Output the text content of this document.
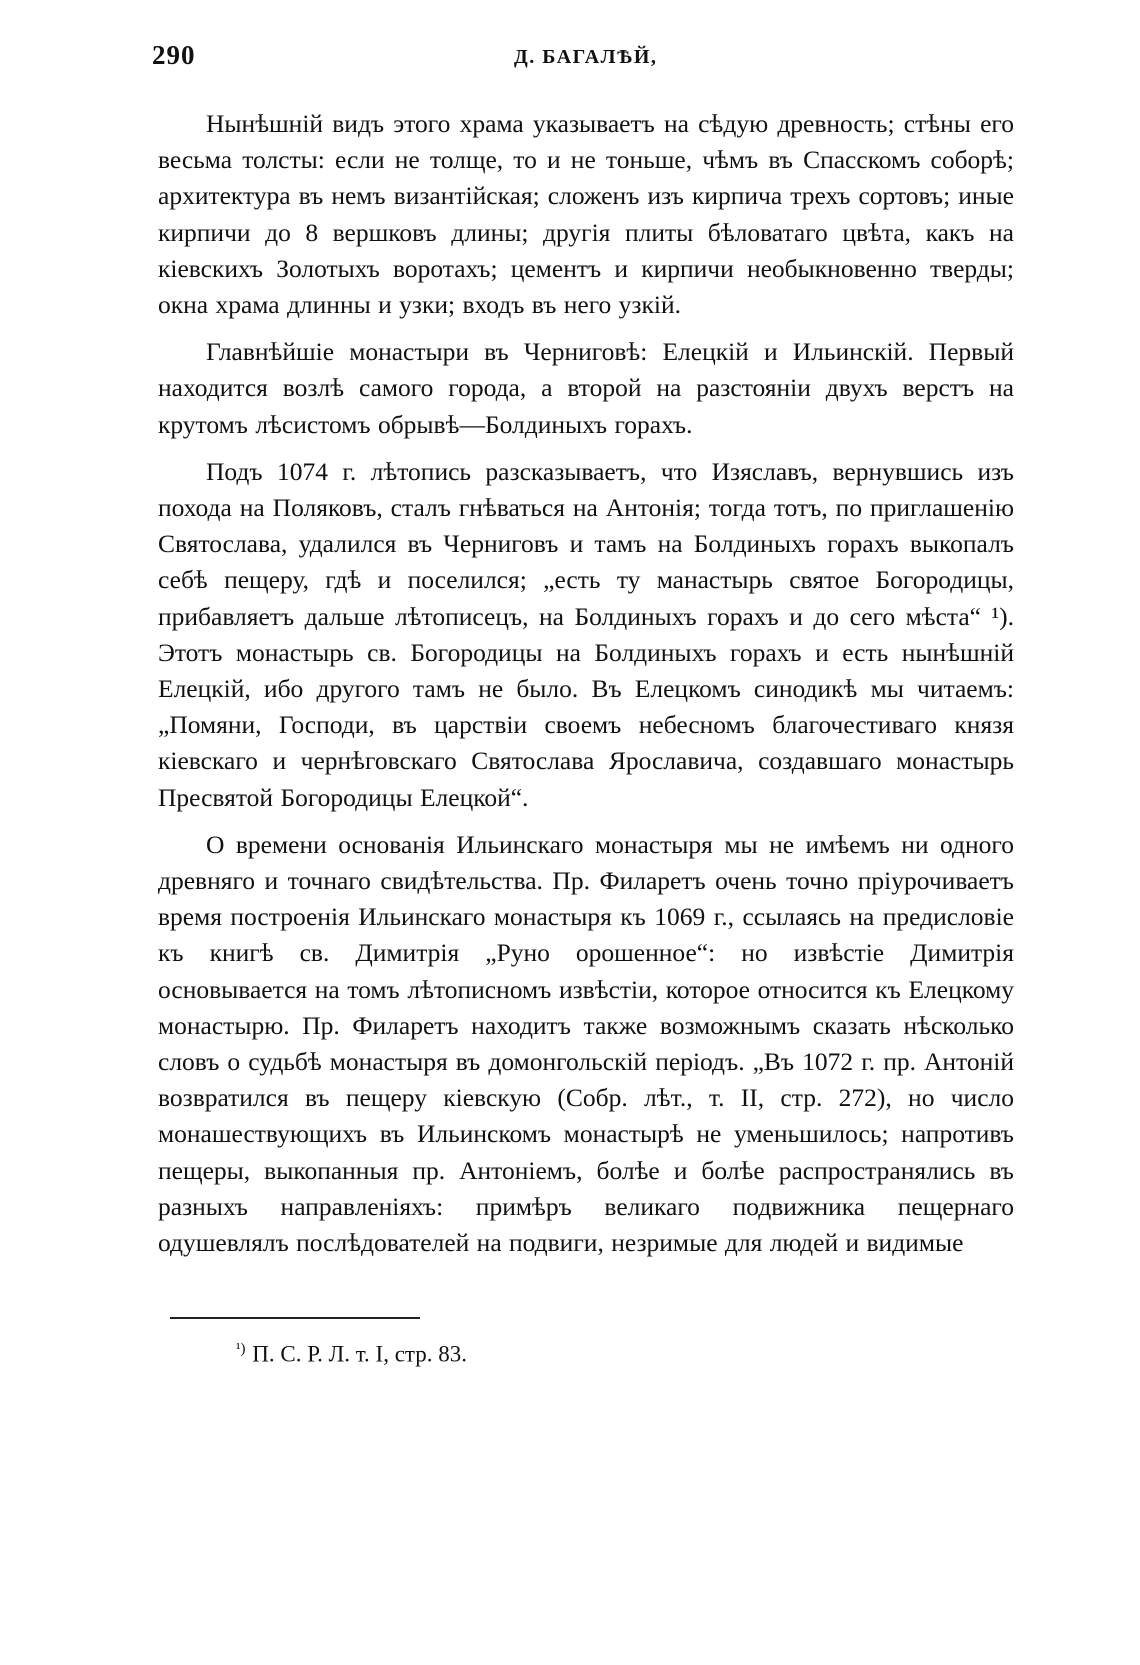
290	Д. БАГАЛѢЙ,

Нынѣшній видъ этого храма указываетъ на сѣдую древность; стѣны его весьма толсты: если не толще, то и не тоньше, чѣмъ въ Спасскомъ соборѣ; архитектура въ немъ византійская; сложенъ изъ кирпича трехъ сортовъ; иные кирпичи до 8 вершковъ длины; другія плиты бѣловатаго цвѣта, какъ на кіевскихъ Золотыхъ воротахъ; цементъ и кирпичи необыкновенно тверды; окна храма длинны и узки; входъ въ него узкій.

Главнѣйшіе монастыри въ Черниговѣ: Елецкій и Ильинскій. Первый находится возлѣ самого города, а второй на разстояніи двухъ верстъ на крутомъ лѣсистомъ обрывѣ—Болдиныхъ горахъ.

Подъ 1074 г. лѣтопись разсказываетъ, что Изяславъ, вернувшись изъ похода на Поляковъ, сталъ гнѣваться на Антонія; тогда тотъ, по приглашенію Святослава, удалился въ Черниговъ и тамъ на Болдиныхъ горахъ выкопалъ себѣ пещеру, гдѣ и поселился; „есть ту манастырь святое Богородицы, прибавляетъ дальше лѣтописецъ, на Болдиныхъ горахъ и до сего мѣста“ ¹). Этотъ монастырь св. Богородицы на Болдиныхъ горахъ и есть нынѣшній Елецкій, ибо другого тамъ не было. Въ Елецкомъ синодикѣ мы читаемъ: „Помяни, Господи, въ царствіи своемъ небесномъ благочестиваго князя кіевскаго и чернѣговскаго Святослава Ярославича, создавшаго монастырь Пресвятой Богородицы Елецкой“.

О времени основанія Ильинскаго монастыря мы не имѣемъ ни одного древняго и точнаго свидѣтельства. Пр. Филаретъ очень точно пріурочиваетъ время построенія Ильинскаго монастыря къ 1069 г., ссылаясь на предисловіе къ книгѣ св. Димитрія „Руно орошенное“: но извѣстіе Димитрія основывается на томъ лѣтописномъ извѣстіи, которое относится къ Елецкому монастырю. Пр. Филаретъ находитъ также возможнымъ сказать нѣсколько словъ о судьбѣ монастыря въ домонгольскій періодъ. „Въ 1072 г. пр. Антоній возвратился въ пещеру кіевскую (Собр. лѣт., т. II, стр. 272), но число монашествующихъ въ Ильинскомъ монастырѣ не уменьшилось; напротивъ пещеры, выкопанныя пр. Антоніемъ, болѣе и болѣе распространялись въ разныхъ направленіяхъ: примѣръ великаго подвижника пещернаго одушевлялъ послѣдователей на подвиги, незримые для людей и видимые

$^{^1)}$ П. С. Р. Л. т. I, стр. 83.
